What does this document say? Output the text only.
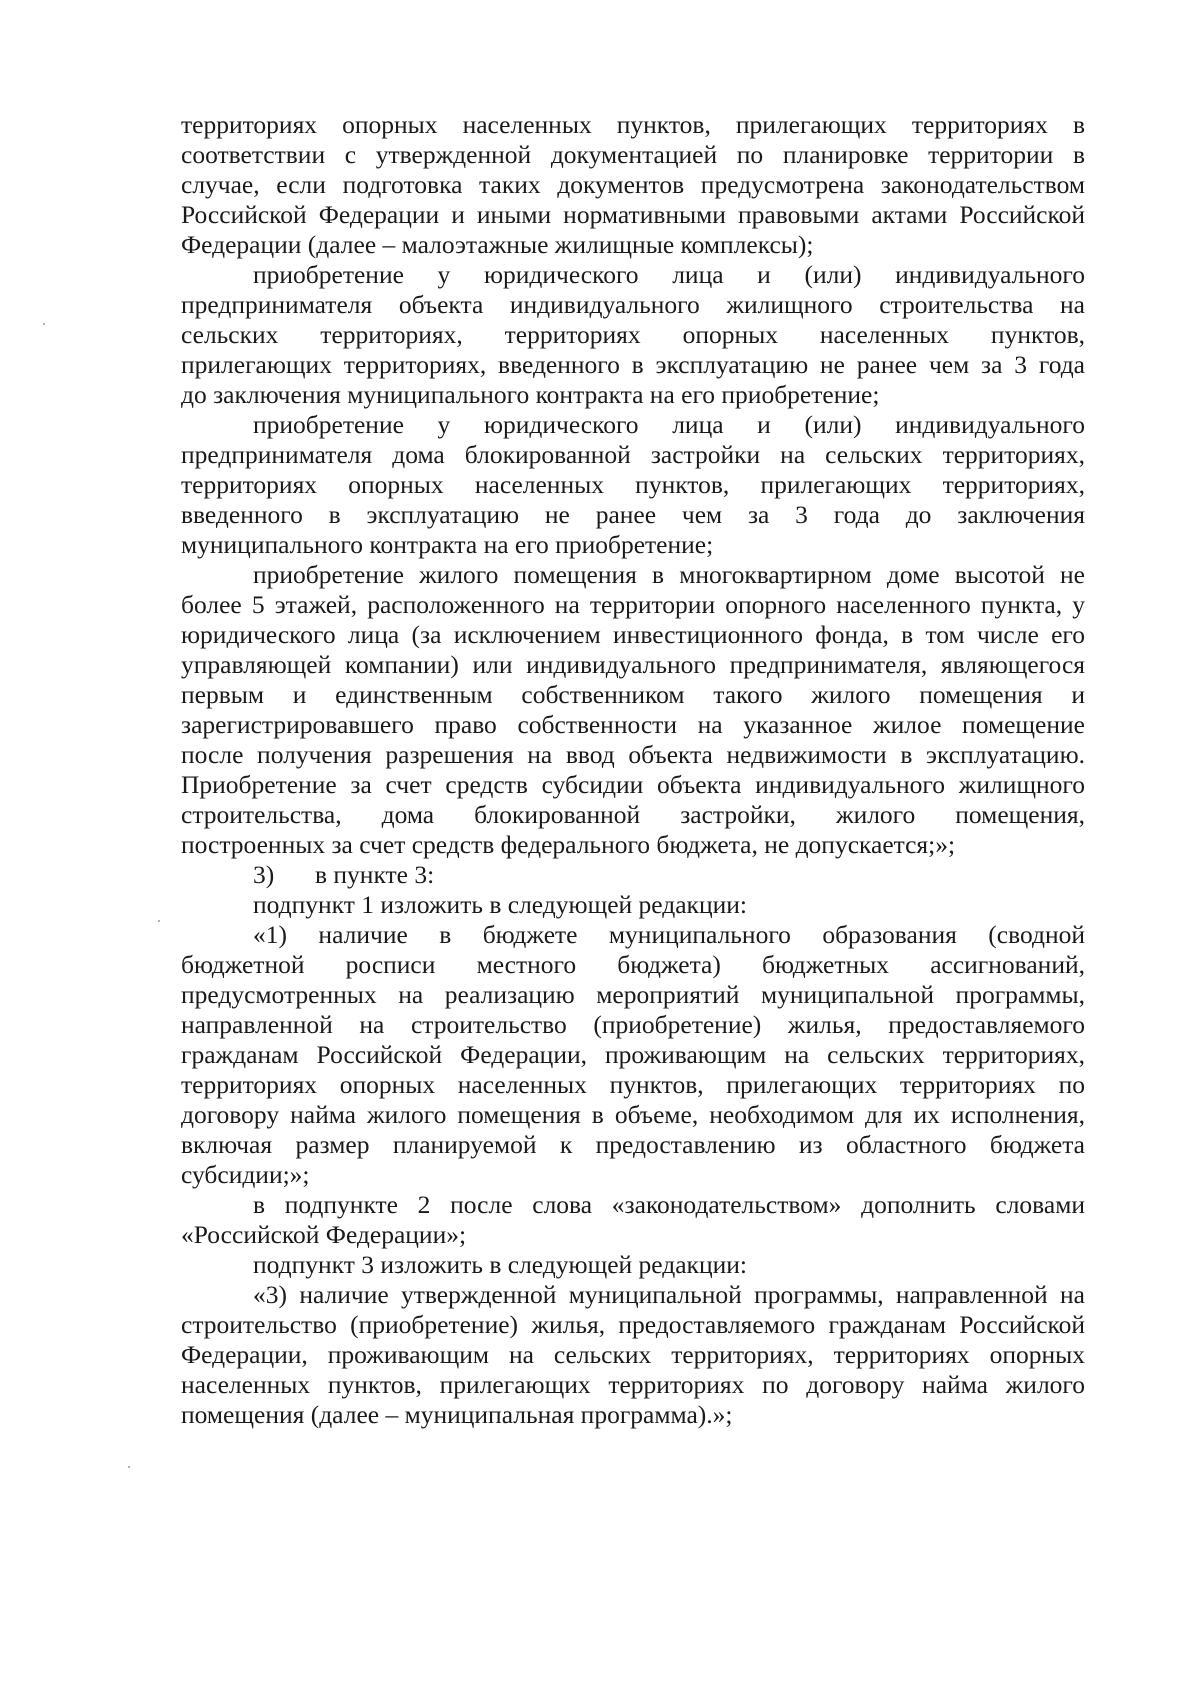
территориях опорных населенных пунктов, прилегающих территориях в
соответствии с утвержденной документацией по планировке территории в
случае, если подготовка таких документов предусмотрена законодательством
Российской Федерации и иными нормативными правовыми актами Российской
Федерации (далее – малоэтажные жилищные комплексы);
приобретение у юридического лица и (или) индивидуального
предпринимателя объекта индивидуального жилищного строительства на
сельских территориях, территориях опорных населенных пунктов,
прилегающих территориях, введенного в эксплуатацию не ранее чем за 3 года
до заключения муниципального контракта на его приобретение;
приобретение у юридического лица и (или) индивидуального
предпринимателя дома блокированной застройки на сельских территориях,
территориях опорных населенных пунктов, прилегающих территориях,
введенного в эксплуатацию не ранее чем за 3 года до заключения
муниципального контракта на его приобретение;
приобретение жилого помещения в многоквартирном доме высотой не
более 5 этажей, расположенного на территории опорного населенного пункта, у
юридического лица (за исключением инвестиционного фонда, в том числе его
управляющей компании) или индивидуального предпринимателя, являющегося
первым и единственным собственником такого жилого помещения и
зарегистрировавшего право собственности на указанное жилое помещение
после получения разрешения на ввод объекта недвижимости в эксплуатацию.
Приобретение за счет средств субсидии объекта индивидуального жилищного
строительства, дома блокированной застройки, жилого помещения,
построенных за счет средств федерального бюджета, не допускается;»;
3) в пункте 3:
подпункт 1 изложить в следующей редакции:
«1) наличие в бюджете муниципального образования (сводной
бюджетной росписи местного бюджета) бюджетных ассигнований,
предусмотренных на реализацию мероприятий муниципальной программы,
направленной на строительство (приобретение) жилья, предоставляемого
гражданам Российской Федерации, проживающим на сельских территориях,
территориях опорных населенных пунктов, прилегающих территориях по
договору найма жилого помещения в объеме, необходимом для их исполнения,
включая размер планируемой к предоставлению из областного бюджета
субсидии;»;
в подпункте 2 после слова «законодательством» дополнить словами
«Российской Федерации»;
подпункт 3 изложить в следующей редакции:
«3) наличие утвержденной муниципальной программы, направленной на
строительство (приобретение) жилья, предоставляемого гражданам Российской
Федерации, проживающим на сельских территориях, территориях опорных
населенных пунктов, прилегающих территориях по договору найма жилого
помещения (далее – муниципальная программа).»;
